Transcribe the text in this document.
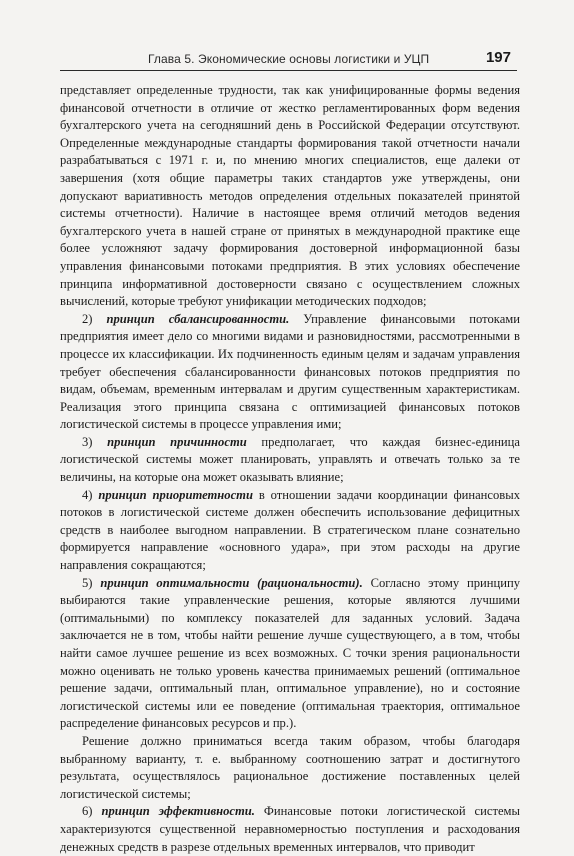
Глава 5. Экономические основы логистики и УЦП	197

представляет определенные трудности, так как унифицированные формы ведения финансовой отчетности в отличие от жестко регламентированных форм ведения бухгалтерского учета на сегодняшний день в Российской Федерации отсутствуют. Определенные международные стандарты формирования такой отчетности начали разрабатываться с 1971 г. и, по мнению многих специалистов, еще далеки от завершения (хотя общие параметры таких стандартов уже утверждены, они допускают вариативность методов определения отдельных показателей принятой системы отчетности). Наличие в настоящее время отличий методов ведения бухгалтерского учета в нашей стране от принятых в международной практике еще более усложняют задачу формирования достоверной информационной базы управления финансовыми потоками предприятия. В этих условиях обеспечение принципа информативной достоверности связано с осуществлением сложных вычислений, которые требуют унификации методических подходов;

2) принцип сбалансированности. Управление финансовыми потоками предприятия имеет дело со многими видами и разновидностями, рассмотренными в процессе их классификации. Их подчиненность единым целям и задачам управления требует обеспечения сбалансированности финансовых потоков предприятия по видам, объемам, временным интервалам и другим существенным характеристикам. Реализация этого принципа связана с оптимизацией финансовых потоков логистической системы в процессе управления ими;

3) принцип причинности предполагает, что каждая бизнес-единица логистической системы может планировать, управлять и отвечать только за те величины, на которые она может оказывать влияние;

4) принцип приоритетности в отношении задачи координации финансовых потоков в логистической системе должен обеспечить использование дефицитных средств в наиболее выгодном направлении. В стратегическом плане сознательно формируется направление «основного удара», при этом расходы на другие направления сокращаются;

5) принцип оптимальности (рациональности). Согласно этому принципу выбираются такие управленческие решения, которые являются лучшими (оптимальными) по комплексу показателей для заданных условий. Задача заключается не в том, чтобы найти решение лучше существующего, а в том, чтобы найти самое лучшее решение из всех возможных. С точки зрения рациональности можно оценивать не только уровень качества принимаемых решений (оптимальное решение задачи, оптимальный план, оптимальное управление), но и состояние логистической системы или ее поведение (оптимальная траектория, оптимальное распределение финансовых ресурсов и пр.).

Решение должно приниматься всегда таким образом, чтобы благодаря выбранному варианту, т. е. выбранному соотношению затрат и достигнутого результата, осуществлялось рациональное достижение поставленных целей логистической системы;

6) принцип эффективности. Финансовые потоки логистической системы характеризуются существенной неравномерностью поступления и расходования денежных средств в разрезе отдельных временных интервалов, что приводит
